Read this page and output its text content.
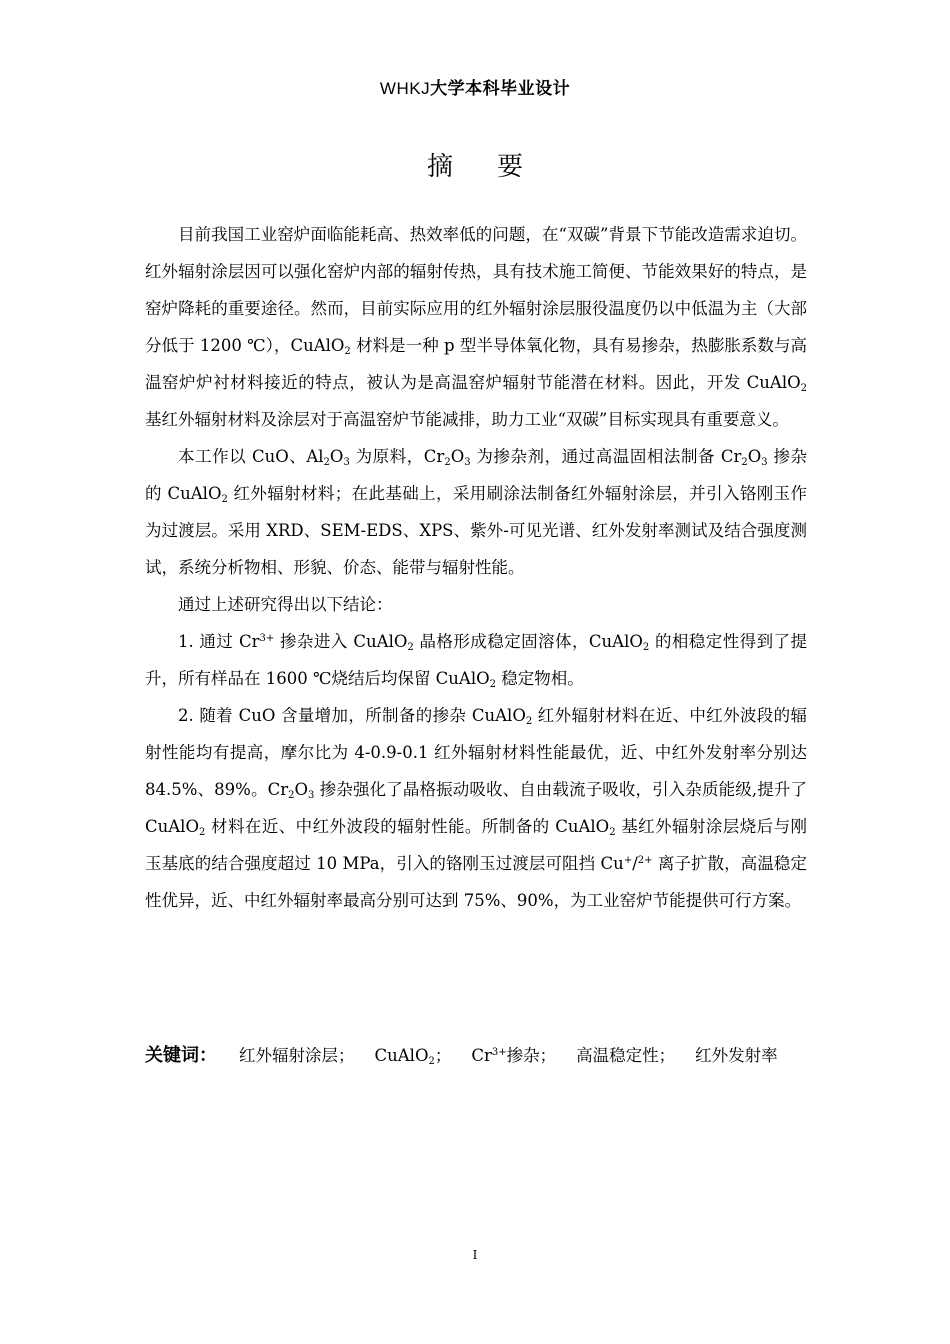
WHKJ大学本科毕业设计
摘要

目前我国工业窑炉面临能耗高、热效率低的问题，在“双碳”背景下节能改造需求迫切。红外辐射涂层因可以强化窑炉内部的辐射传热，具有技术施工简便、节能效果好的特点，是窑炉降耗的重要途径。然而，目前实际应用的红外辐射涂层服役温度仍以中低温为主（大部分低于 1200 ℃），CuAlO$_2$ 材料是一种 p 型半导体氧化物，具有易掺杂，热膨胀系数与高温窑炉炉衬材料接近的特点，被认为是高温窑炉辐射节能潜在材料。因此，开发 CuAlO$_2$ 基红外辐射材料及涂层对于高温窑炉节能减排，助力工业“双碳”目标实现具有重要意义。

本工作以 CuO、$Al_2O_3$ 为原料，$Cr_2O_3$ 为掺杂剂，通过高温固相法制备 $Cr_2O_3$ 掺杂的 CuAlO$_2$ 红外辐射材料；在此基础上，采用刷涂法制备红外辐射涂层，并引入铬刚玉作为过渡层。采用 XRD、SEM-EDS、XPS、紫外-可见光谱、红外发射率测试及结合强度测试，系统分析物相、形貌、价态、能带与辐射性能。

通过上述研究得出以下结论：

1. 通过 $Cr^{3+}$ 掺杂进入 CuAlO$_2$ 晶格形成稳定固溶体，CuAlO$_2$ 的相稳定性得到了提升，所有样品在 1600 ℃烧结后均保留 CuAlO$_2$ 稳定物相。

2. 随着 CuO 含量增加，所制备的掺杂 CuAlO$_2$ 红外辐射材料在近、中红外波段的辐射性能均有提高，摩尔比为 4-0.9-0.1 红外辐射材料性能最优，近、中红外发射率分别达 84.5%、89%。$Cr_2O_3$ 掺杂强化了晶格振动吸收、自由载流子吸收，引入杂质能级,提升了 CuAlO$_2$ 材料在近、中红外波段的辐射性能。所制备的 CuAlO$_2$ 基红外辐射涂层烧后与刚玉基底的结合强度超过 10 MPa，引入的铬刚玉过渡层可阻挡 Cu+/$^{2+}$ 离子扩散，高温稳定性优异，近、中红外辐射率最高分别可达到 75%、90%，为工业窑炉节能提供可行方案。

关键词： 红外辐射涂层； CuAlO$_2$； $Cr^{3+}$掺杂； 高温稳定性； 红外发射率
I
